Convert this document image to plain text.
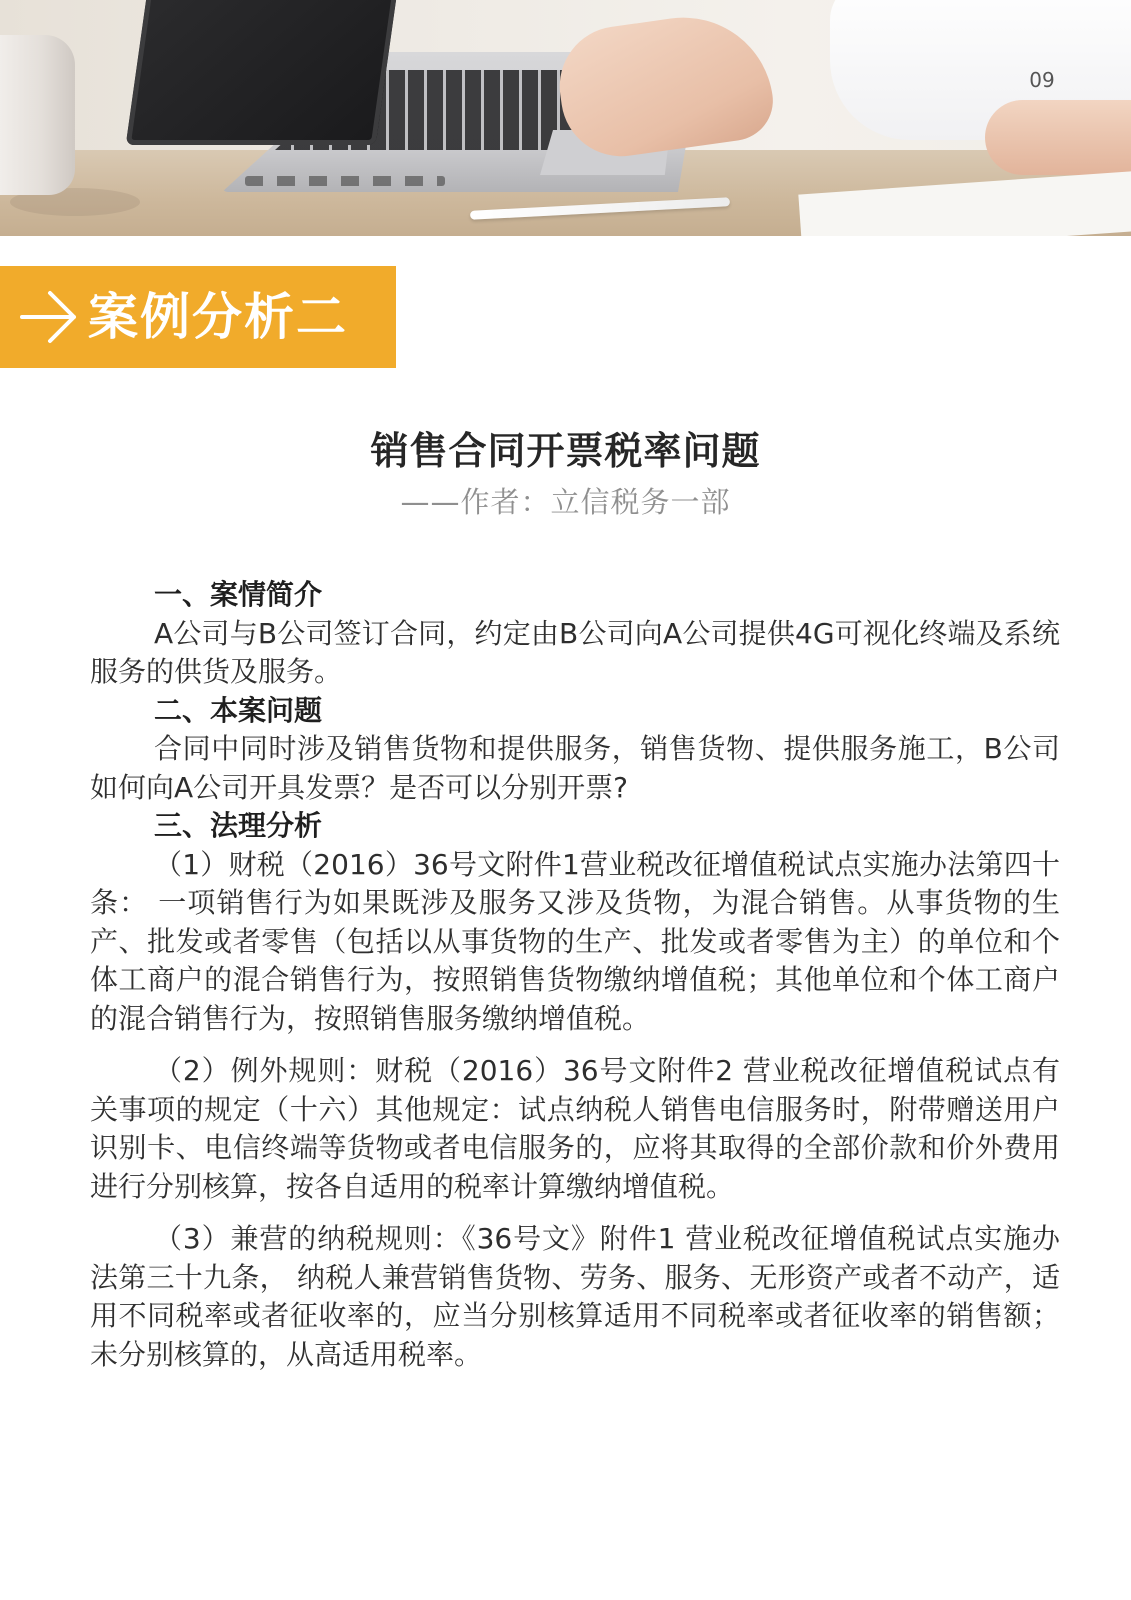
09
案例分析二
销售合同开票税率问题
——作者：立信税务一部

一、案情简介

A公司与B公司签订合同，约定由B公司向A公司提供4G可视化终端及系统服务的供货及服务。

二、本案问题

合同中同时涉及销售货物和提供服务，销售货物、提供服务施工，B公司如何向A公司开具发票？是否可以分别开票?

三、法理分析

（1）财税（2016）36号文附件1营业税改征增值税试点实施办法第四十条： 一项销售行为如果既涉及服务又涉及货物，为混合销售。从事货物的生产、批发或者零售（包括以从事货物的生产、批发或者零售为主）的单位和个体工商户的混合销售行为，按照销售货物缴纳增值税；其他单位和个体工商户的混合销售行为，按照销售服务缴纳增值税。

（2）例外规则：财税（2016）36号文附件2 营业税改征增值税试点有关事项的规定（十六）其他规定：试点纳税人销售电信服务时，附带赠送用户识别卡、电信终端等货物或者电信服务的，应将其取得的全部价款和价外费用进行分别核算，按各自适用的税率计算缴纳增值税。

（3）兼营的纳税规则：《36号文》附件1 营业税改征增值税试点实施办法第三十九条， 纳税人兼营销售货物、劳务、服务、无形资产或者不动产，适用不同税率或者征收率的，应当分别核算适用不同税率或者征收率的销售额；未分别核算的，从高适用税率。
